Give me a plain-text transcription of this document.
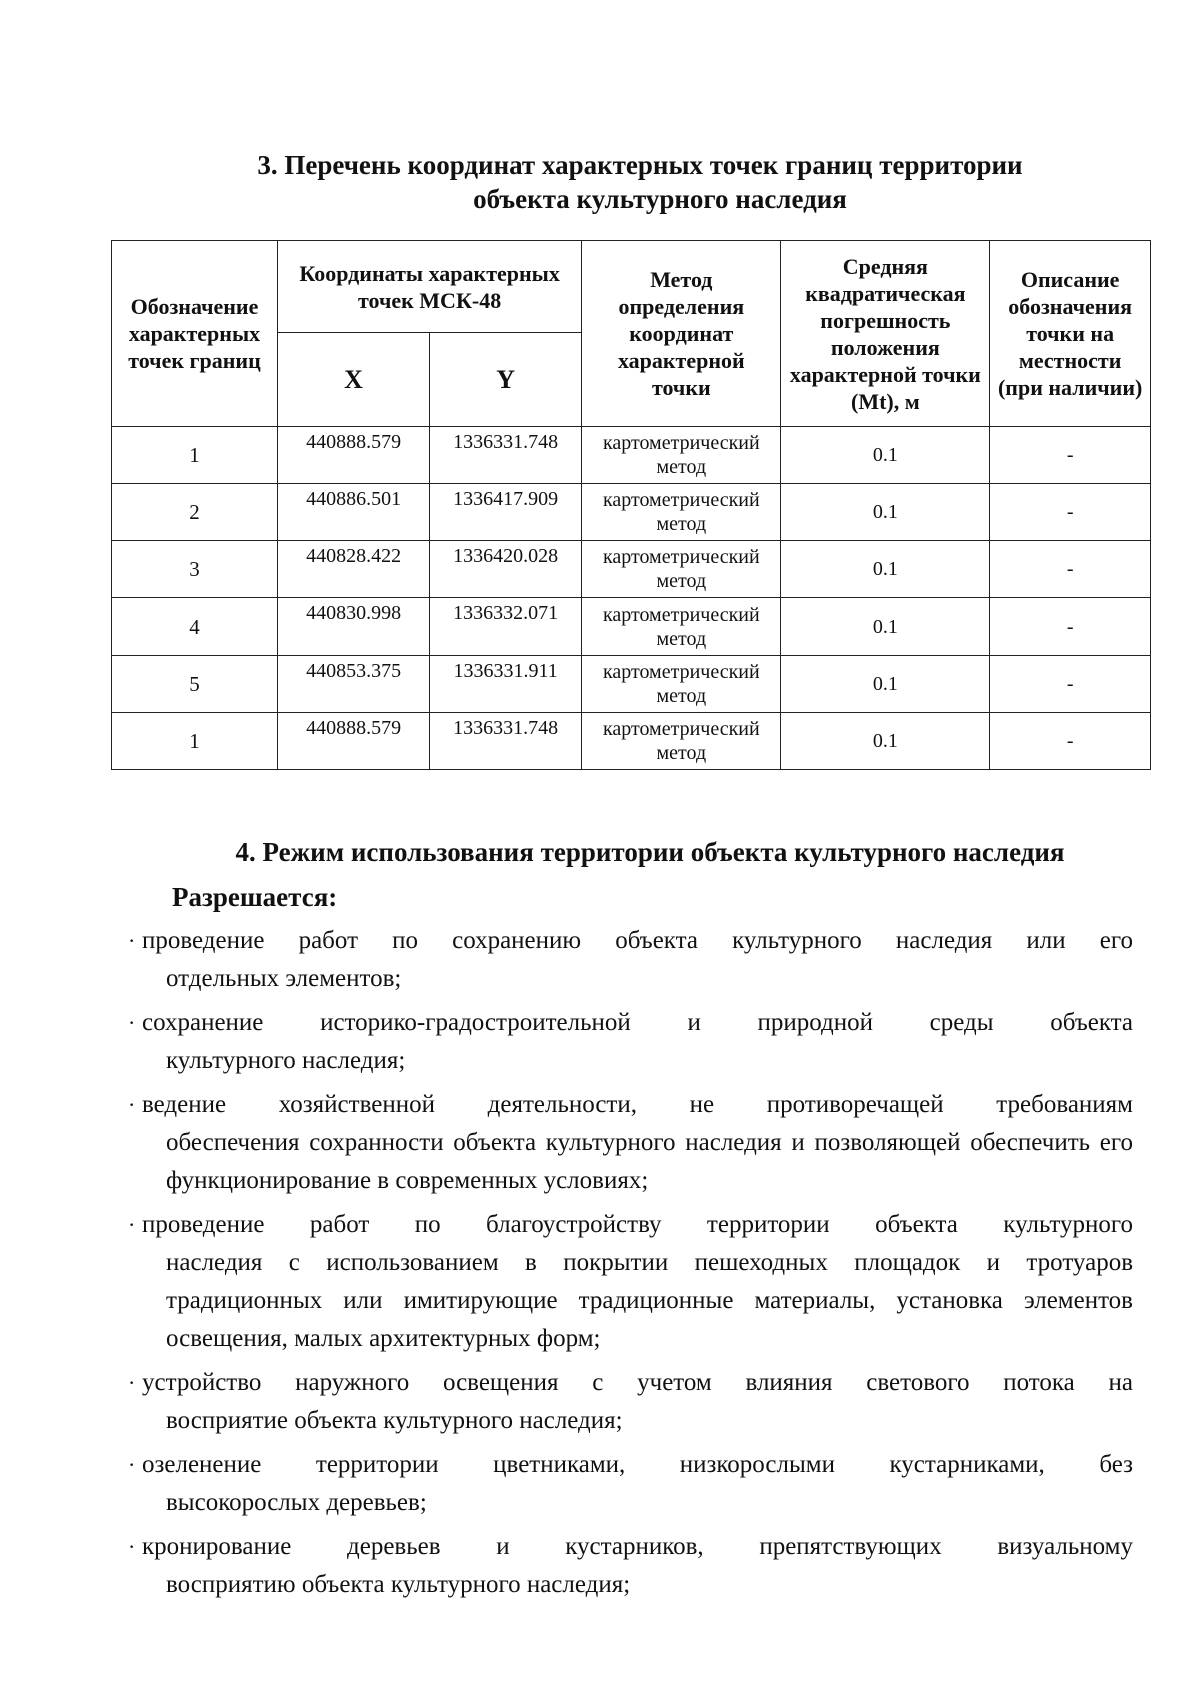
3. Перечень координат характерных точек границ территории
объекта культурного наследия
Обозначение характерных точек границ	Координаты характерных точек МСК-48		Метод определения координат характерной точки	Средняя квадратическая погрешность положения характерной точки (Mt), м	Описание обозначения точки на местности (при наличии)
	X	Y			
1	440888.579	1336331.748	картометрический метод	0.1	-
2	440886.501	1336417.909	картометрический метод	0.1	-
3	440828.422	1336420.028	картометрический метод	0.1	-
4	440830.998	1336332.071	картометрический метод	0.1	-
5	440853.375	1336331.911	картометрический метод	0.1	-
1	440888.579	1336331.748	картометрический метод	0.1	-
4. Режим использования территории объекта культурного наследия
Разрешается:
· проведение работ по сохранению объекта культурного наследия или его
отдельных элементов;
· сохранение историко-градостроительной и природной среды объекта
культурного наследия;
· ведение хозяйственной деятельности, не противоречащей требованиям
обеспечения сохранности объекта культурного наследия и позволяющей обеспечить его функционирование в современных условиях;
· проведение работ по благоустройству территории объекта культурного
наследия с использованием в покрытии пешеходных площадок и тротуаров традиционных или имитирующие традиционные материалы, установка элементов освещения, малых архитектурных форм;
· устройство наружного освещения с учетом влияния светового потока на
восприятие объекта культурного наследия;
· озеленение территории цветниками, низкорослыми кустарниками, без
высокорослых деревьев;
· кронирование деревьев и кустарников, препятствующих визуальному
восприятию объекта культурного наследия;
